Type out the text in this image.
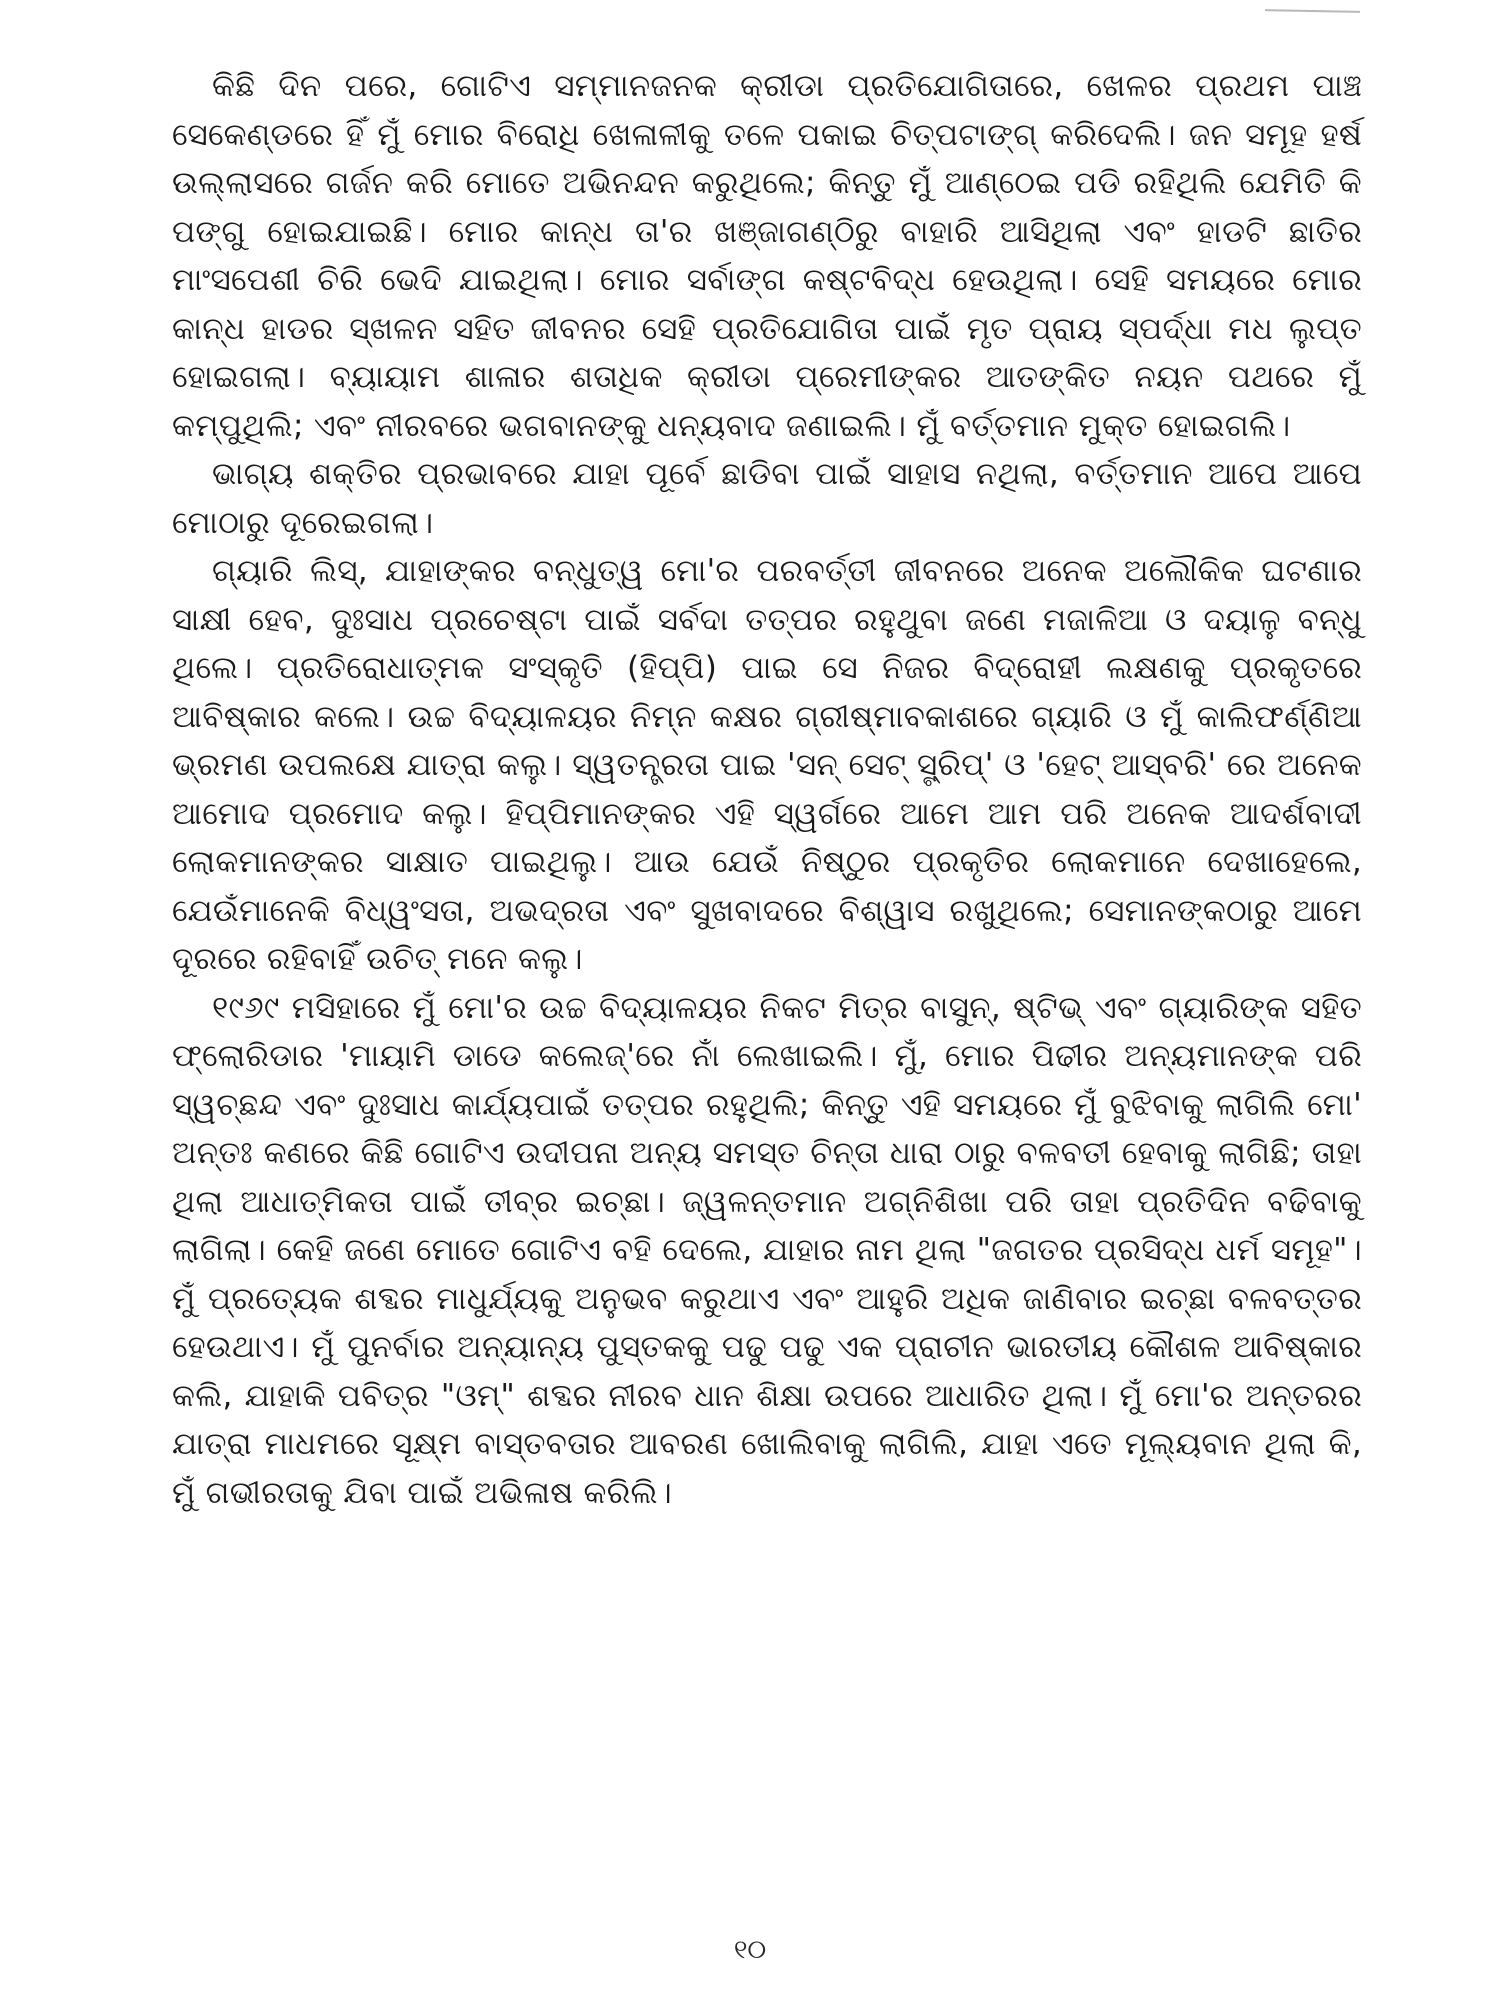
କିଛି ଦିନ ପରେ, ଗୋଟିଏ ସମ୍ମାନଜନକ କ୍ରୀଡା ପ୍ରତିଯୋଗିତାରେ, ଖେଳର ପ୍ରଥମ ପାଞ୍ଚ ସେକେଣ୍ଡରେ ହିଁ ମୁଁ ମୋର ବିରୋଧି ଖେଳାଳୀକୁ ତଳେ ପକାଇ ଚିତ୍‌ପଟାଙ୍ଗ୍ କରିଦେଲି। ଜନ ସମୂହ ହର୍ଷ ଉଲ୍ଲାସରେ ଗର୍ଜନ କରି ମୋତେ ଅଭିନନ୍ଦନ କରୁଥିଲେ; କିନ୍ତୁ ମୁଁ ଆଣ୍ଠେଇ ପଡି ରହିଥିଲି ଯେମିତି କି ପଙ୍ଗୁ ହୋଇଯାଇଛି। ମୋର କାନ୍ଧ ତା'ର ଖଞ୍ଜାଗଣ୍ଠିରୁ ବାହାରି ଆସିଥିଲା ଏବଂ ହାଡଟି ଛାତିର ମାଂସପେଶୀ ଚିରି ଭେଦି ଯାଇଥିଲା। ମୋର ସର୍ବାଙ୍ଗ କଷ୍ଟବିଦ୍ଧ ହେଉଥିଲା। ସେହି ସମୟରେ ମୋର କାନ୍ଧ ହାଡର ସ୍ଖଳନ ସହିତ ଜୀବନର ସେହି ପ୍ରତିଯୋଗିତା ପାଇଁ ମୃତ ପ୍ରାୟ ସ୍ପର୍ଦ୍ଧା ମଧ ଲୁପ୍ତ ହୋଇଗଲା। ବ୍ୟାୟାମ ଶାଳାର ଶତାଧିକ କ୍ରୀଡା ପ୍ରେମୀଙ୍କର ଆତଙ୍କିତ ନୟନ ପଥରେ ମୁଁ କମ୍ପୁଥିଲି; ଏବଂ ନୀରବରେ ଭଗବାନଙ୍କୁ ଧନ୍ୟବାଦ ଜଣାଇଲି। ମୁଁ ବର୍ତ୍ତମାନ ମୁକ୍ତ ହୋଇଗଲି।

ଭାଗ୍ୟ ଶକ୍ତିର ପ୍ରଭାବରେ ଯାହା ପୂର୍ବେ ଛାଡିବା ପାଇଁ ସାହାସ ନଥିଲା, ବର୍ତ୍ତମାନ ଆପେ ଆପେ ମୋଠାରୁ ଦୂରେଇଗଲା।

ଗ୍ୟାରି ଲିସ୍, ଯାହାଙ୍କର ବନ୍ଧୁତ୍ୱ ମୋ'ର ପରବର୍ତ୍ତୀ ଜୀବନରେ ଅନେକ ଅଲୌକିକ ଘଟଣାର ସାକ୍ଷୀ ହେବ, ଦୁଃସାଧ ପ୍ରଚେଷ୍ଟା ପାଇଁ ସର୍ବଦା ତତ୍ପର ରହୁଥୁବା ଜଣେ ମଜାଳିଆ ଓ ଦୟାଳୁ ବନ୍ଧୁ ଥିଲେ। ପ୍ରତିରୋଧାତ୍ମକ ସଂସ୍କୃତି (ହିପ୍ପି) ପାଇ ସେ ନିଜର ବିଦ୍ରୋହୀ ଲକ୍ଷଣକୁ ପ୍ରକୃତରେ ଆବିଷ୍କାର କଲେ। ଉଚ୍ଚ ବିଦ୍ୟାଳୟର ନିମ୍ନ କକ୍ଷର ଗ୍ରୀଷ୍ମାବକାଶରେ ଗ୍ୟାରି ଓ ମୁଁ କାଲିଫର୍ଣ୍ଣିଆ ଭ୍ରମଣ ଉପଲକ୍ଷେ ଯାତ୍ରା କଲୁ। ସ୍ୱତନ୍ତ୍ରତା ପାଇ 'ସନ୍ ସେଟ୍ ସ୍ଟ୍ରିପ୍' ଓ 'ହେଟ୍ ଆସ୍‌ବରି' ରେ ଅନେକ ଆମୋଦ ପ୍ରମୋଦ କଲୁ। ହିପ୍ପିମାନଙ୍କର ଏହି ସ୍ୱର୍ଗରେ ଆମେ ଆମ ପରି ଅନେକ ଆଦର୍ଶବାଦୀ ଲୋକମାନଙ୍କର ସାକ୍ଷାତ ପାଇଥିଲୁ। ଆଉ ଯେଉଁ ନିଷ୍ଠୁର ପ୍ରକୃତିର ଲୋକମାନେ ଦେଖାହେଲେ, ଯେଉଁମାନେକି ବିଧ୍ୱଂସତା, ଅଭଦ୍ରତା ଏବଂ ସୁଖବାଦରେ ବିଶ୍ୱାସ ରଖୁଥିଲେ; ସେମାନଙ୍କଠାରୁ ଆମେ ଦୂରରେ ରହିବାହିଁ ଉଚିତ୍ ମନେ କଲୁ।

୧୯୬୯ ମସିହାରେ ମୁଁ ମୋ'ର ଉଚ୍ଚ ବିଦ୍ୟାଳୟର ନିକଟ ମିତ୍ର ବାସୁନ୍, ଷ୍ଟିଭ୍ ଏବଂ ଗ୍ୟାରିଙ୍କ ସହିତ ଫ୍ଲୋରିଡାର 'ମାୟାମି ଡାଡେ କଲେଜ୍'ରେ ନାଁ ଲେଖାଇଲି। ମୁଁ, ମୋର ପିଢୀର ଅନ୍ୟମାନଙ୍କ ପରି ସ୍ୱଚ୍ଛନ୍ଦ ଏବଂ ଦୁଃସାଧ କାର୍ଯ୍ୟପାଇଁ ତତ୍ପର ରହୁଥିଲି; କିନ୍ତୁ ଏହି ସମୟରେ ମୁଁ ବୁଝିବାକୁ ଲାଗିଲି ମୋ' ଅନ୍ତଃ କଣରେ କିଛି ଗୋଟିଏ ଉଦୀପନା ଅନ୍ୟ ସମସ୍ତ ଚିନ୍ତା ଧାରା ଠାରୁ ବଳବତୀ ହେବାକୁ ଲାଗିଛି; ତାହା ଥିଲା ଆଧାତ୍ମିକତା ପାଇଁ ତୀବ୍ର ଇଚ୍ଛା। ଜ୍ୱଳନ୍ତମାନ ଅଗ୍ନିଶିଖା ପରି ତାହା ପ୍ରତିଦିନ ବଢିବାକୁ ଲାଗିଲା। କେହି ଜଣେ ମୋତେ ଗୋଟିଏ ବହି ଦେଲେ, ଯାହାର ନାମ ଥିଲା "ଜଗତର ପ୍ରସିଦ୍ଧ ଧର୍ମ ସମୂହ"। ମୁଁ ପ୍ରତ୍ୟେକ ଶବ୍ଦର ମାଧୁର୍ଯ୍ୟକୁ ଅନୁଭବ କରୁଥାଏ ଏବଂ ଆହୁରି ଅଧିକ ଜାଣିବାର ଇଚ୍ଛା ବଳବତ୍ତର ହେଉଥାଏ। ମୁଁ ପୁନର୍ବାର ଅନ୍ୟାନ୍ୟ ପୁସ୍ତକକୁ ପଢୁ ପଢୁ ଏକ ପ୍ରାଚୀନ ଭାରତୀୟ କୌଶଳ ଆବିଷ୍କାର କଲି, ଯାହାକି ପବିତ୍ର "ଓମ୍" ଶବ୍ଦର ନୀରବ ଧାନ ଶିକ୍ଷା ଉପରେ ଆଧାରିତ ଥିଲା। ମୁଁ ମୋ'ର ଅନ୍ତରର ଯାତ୍ରା ମାଧମରେ ସୂକ୍ଷ୍ମ ବାସ୍ତବତାର ଆବରଣ ଖୋଲିବାକୁ ଲାଗିଲି, ଯାହା ଏତେ ମୂଲ୍ୟବାନ ଥିଲା କି, ମୁଁ ଗଭୀରତାକୁ ଯିବା ପାଇଁ ଅଭିଳାଷ କରିଲି।

୧୦
